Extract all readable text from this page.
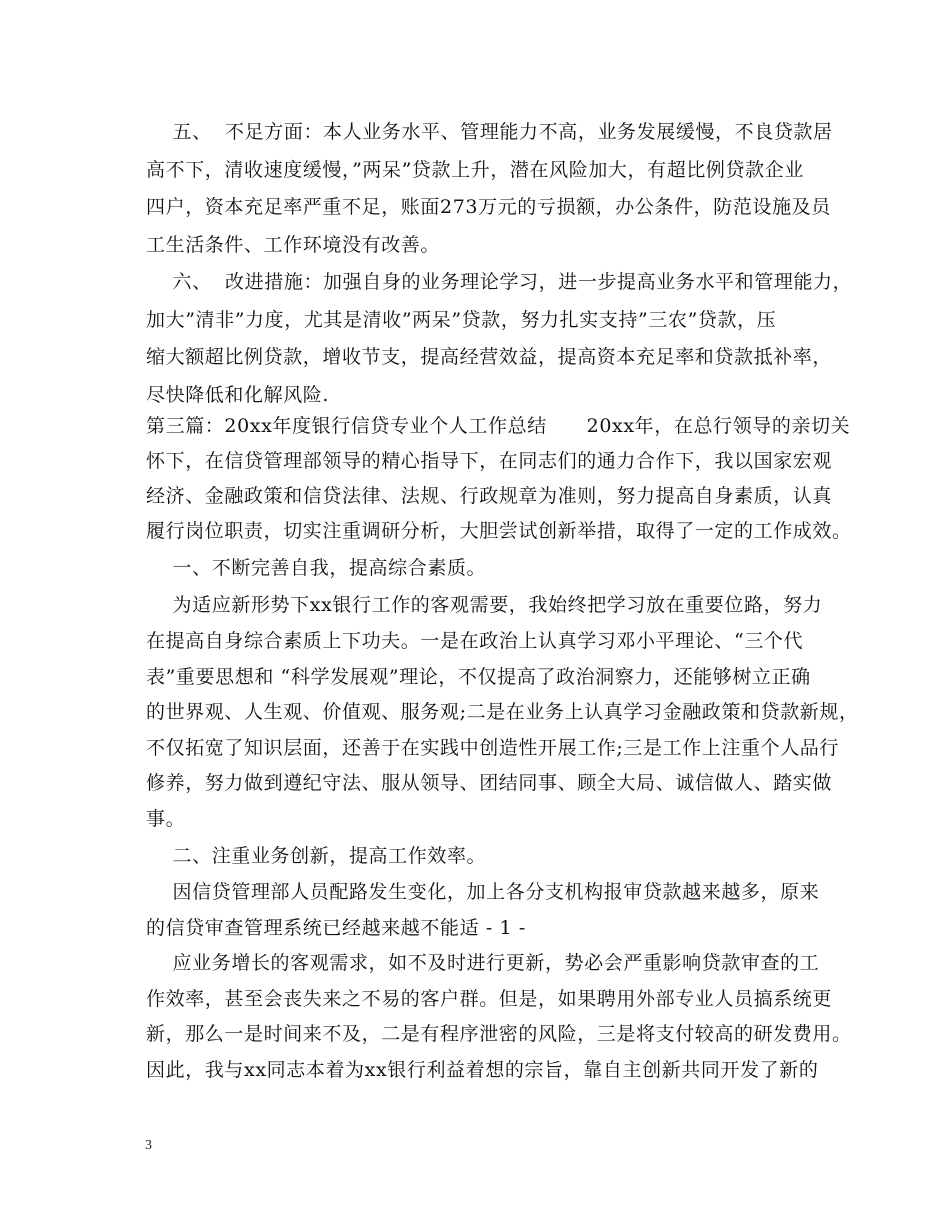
五、  不足方面：本人业务水平、管理能力不高，业务发展缓慢，不良贷款居
高不下，清收速度缓慢，”两呆”贷款上升，潜在风险加大，有超比例贷款企业
四户，资本充足率严重不足，账面273万元的亏损额，办公条件，防范设施及员
工生活条件、工作环境没有改善。
六、  改进措施：加强自身的业务理论学习，进一步提高业务水平和管理能力，
加大”清非”力度，尤其是清收”两呆”贷款，努力扎实支持”三农”贷款，压
缩大额超比例贷款，增收节支，提高经营效益，提高资本充足率和贷款抵补率，
尽快降低和化解风险.
第三篇：20xx年度银行信贷专业个人工作总结      20xx年，在总行领导的亲切关
怀下，在信贷管理部领导的精心指导下，在同志们的通力合作下，我以国家宏观
经济、金融政策和信贷法律、法规、行政规章为准则，努力提高自身素质，认真
履行岗位职责，切实注重调研分析，大胆尝试创新举措，取得了一定的工作成效。
一、不断完善自我，提高综合素质。
为适应新形势下xx银行工作的客观需要，我始终把学习放在重要位路，努力
在提高自身综合素质上下功夫。一是在政治上认真学习邓小平理论、“三个代
表”重要思想和 “科学发展观”理论，不仅提高了政治洞察力，还能够树立正确
的世界观、人生观、价值观、服务观;二是在业务上认真学习金融政策和贷款新规，
不仅拓宽了知识层面，还善于在实践中创造性开展工作;三是工作上注重个人品行
修养，努力做到遵纪守法、服从领导、团结同事、顾全大局、诚信做人、踏实做
事。
二、注重业务创新，提高工作效率。
因信贷管理部人员配路发生变化，加上各分支机构报审贷款越来越多，原来
的信贷审查管理系统已经越来越不能适 - 1 -
应业务增长的客观需求，如不及时进行更新，势必会严重影响贷款审查的工
作效率，甚至会丧失来之不易的客户群。但是，如果聘用外部专业人员搞系统更
新，那么一是时间来不及，二是有程序泄密的风险，三是将支付较高的研发费用。
因此，我与xx同志本着为xx银行利益着想的宗旨，靠自主创新共同开发了新的
3
